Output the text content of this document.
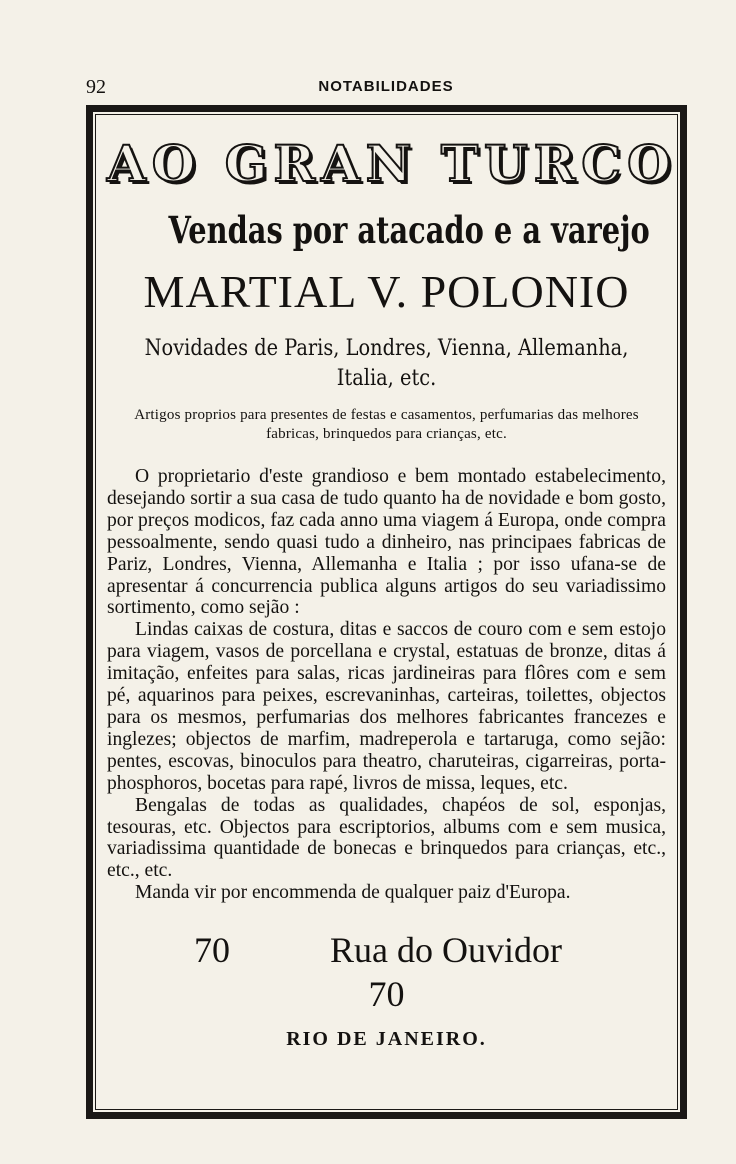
92	NOTABILIDADES
AO GRAN TURCO
Vendas por atacado e a varejo
MARTIAL V. POLONIO
Novidades de Paris, Londres, Vienna, Allemanha, Italia, etc.
Artigos proprios para presentes de festas e casamentos, perfumarias das melhores fabricas, brinquedos para crianças, etc.

O proprietario d'este grandioso e bem montado estabelecimento, desejando sortir a sua casa de tudo quanto ha de novidade e bom gosto, por preços modicos, faz cada anno uma viagem á Europa, onde compra pessoalmente, sendo quasi tudo a dinheiro, nas principaes fabricas de Pariz, Londres, Vienna, Allemanha e Italia ; por isso ufana-se de apresentar á concurrencia publica alguns artigos do seu variadissimo sortimento, como sejão :

Lindas caixas de costura, ditas e saccos de couro com e sem estojo para viagem, vasos de porcellana e crystal, estatuas de bronze, ditas á imitação, enfeites para salas, ricas jardineiras para flôres com e sem pé, aquarinos para peixes, escrevaninhas, carteiras, toilettes, objectos para os mesmos, perfumarias dos melhores fabricantes francezes e inglezes; objectos de marfim, madreperola e tartaruga, como sejão: pentes, escovas, binoculos para theatro, charuteiras, cigarreiras, porta-phosphoros, bocetas para rapé, livros de missa, leques, etc.

Bengalas de todas as qualidades, chapéos de sol, esponjas, tesouras, etc. Objectos para escriptorios, albums com e sem musica, variadissima quantidade de bonecas e brinquedos para crianças, etc., etc., etc.

Manda vir por encommenda de qualquer paiz d'Europa.

70	Rua do Ouvidor 70
RIO DE JANEIRO.
